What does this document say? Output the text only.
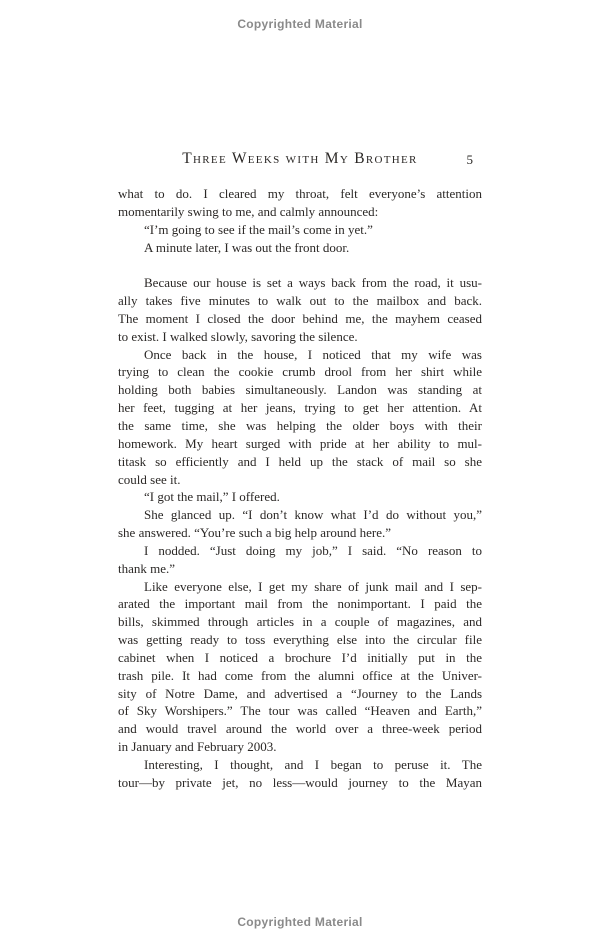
Copyrighted Material
Three Weeks with My Brother	5
what to do. I cleared my throat, felt everyone’s attention
momentarily swing to me, and calmly announced:
“I’m going to see if the mail’s come in yet.”
A minute later, I was out the front door.
Because our house is set a ways back from the road, it usu-
ally takes five minutes to walk out to the mailbox and back.
The moment I closed the door behind me, the mayhem ceased
to exist. I walked slowly, savoring the silence.
Once back in the house, I noticed that my wife was
trying to clean the cookie crumb drool from her shirt while
holding both babies simultaneously. Landon was standing at
her feet, tugging at her jeans, trying to get her attention. At
the same time, she was helping the older boys with their
homework. My heart surged with pride at her ability to mul-
titask so efficiently and I held up the stack of mail so she
could see it.
“I got the mail,” I offered.
She glanced up. “I don’t know what I’d do without you,”
she answered. “You’re such a big help around here.”
I nodded. “Just doing my job,” I said. “No reason to
thank me.”
Like everyone else, I get my share of junk mail and I sep-
arated the important mail from the nonimportant. I paid the
bills, skimmed through articles in a couple of magazines, and
was getting ready to toss everything else into the circular file
cabinet when I noticed a brochure I’d initially put in the
trash pile. It had come from the alumni office at the Univer-
sity of Notre Dame, and advertised a “Journey to the Lands
of Sky Worshipers.” The tour was called “Heaven and Earth,”
and would travel around the world over a three-week period
in January and February 2003.
Interesting, I thought, and I began to peruse it. The
tour—by private jet, no less—would journey to the Mayan
Copyrighted Material
